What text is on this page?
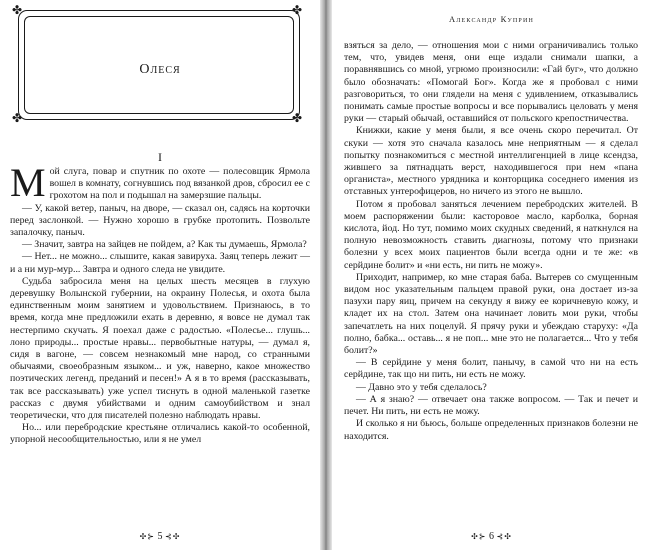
✤	✤
✤	✤
Олеся
I

Мой слуга, повар и спутник по охоте — полесовщик Ярмола вошел в комнату, согнувшись под вязанкой дров, сбросил ее с грохотом на пол и подышал на замерзшие пальцы.

— У, какой ветер, паныч, на дворе, — сказал он, садясь на корточки перед заслонкой. — Нужно хорошо в грубке протопить. Позвольте запалочку, паныч.

— Значит, завтра на зайцев не пойдем, а? Как ты думаешь, Ярмола?

— Нет... не можно... слышите, какая завируха. Заяц теперь лежит — и а ни мур-мур... Завтра и одного следа не увидите.

Судьба забросила меня на целых шесть месяцев в глухую деревушку Волынской губернии, на окраину Полесья, и охота была единственным моим занятием и удовольствием. Признаюсь, в то время, когда мне предложили ехать в деревню, я вовсе не думал так нестерпимо скучать. Я поехал даже с радостью. «Полесье... глушь... лоно природы... простые нравы... первобытные натуры, — думал я, сидя в вагоне, — совсем незнакомый мне народ, со странными обычаями, своеобразным языком... и уж, наверно, какое множество поэтических легенд, преданий и песен!» А я в то время (рассказывать, так все рассказывать) уже успел тиснуть в одной маленькой газетке рассказ с двумя убийствами и одним самоубийством и знал теоретически, что для писателей полезно наблюдать нравы.

Но... или перебродские крестьяне отличались какой-то особенной, упорной несообщительностью, или я не умел

✣⊱ 5 ⊰✣
Александр Куприн

взяться за дело, — отношения мои с ними ограничивались только тем, что, увидев меня, они еще издали снимали шапки, а поравнявшись со мной, угрюмо произносили: «Гай буг», что должно было обозначать: «Помогай Бог». Когда же я пробовал с ними разговориться, то они глядели на меня с удивлением, отказывались понимать самые простые вопросы и все порывались целовать у меня руки — старый обычай, оставшийся от польского крепостничества.

Книжки, какие у меня были, я все очень скоро перечитал. От скуки — хотя это сначала казалось мне неприятным — я сделал попытку познакомиться с местной интеллигенцией в лице ксендза, жившего за пятнадцать верст, находившегося при нем «пана органиста», местного урядника и конторщика соседнего имения из отставных унтерофицеров, но ничего из этого не вышло.

Потом я пробовал заняться лечением перебродских жителей. В моем распоряжении были: касторовое масло, карболка, борная кислота, йод. Но тут, помимо моих скудных сведений, я наткнулся на полную невозможность ставить диагнозы, потому что признаки болезни у всех моих пациентов были всегда одни и те же: «в серйдине болит» и «ни есть, ни пить не можу».

Приходит, например, ко мне старая баба. Вытерев со смущенным видом нос указательным пальцем правой руки, она достает из-за пазухи пару яиц, причем на секунду я вижу ее коричневую кожу, и кладет их на стол. Затем она начинает ловить мои руки, чтобы запечатлеть на них поцелуй. Я прячу руки и убеждаю старуху: «Да полно, бабка... оставь... я не поп... мне это не полагается... Что у тебя болит?»

— В серйдине у меня болит, панычу, в самой что ни на есть серйдине, так що ни пить, ни есть не можу.

— Давно это у тебя сделалось?

— А я знаю? — отвечает она также вопросом. — Так и печет и печет. Ни пить, ни есть не можу.

И сколько я ни бьюсь, больше определенных признаков болезни не находится.

✣⊱ 6 ⊰✣
